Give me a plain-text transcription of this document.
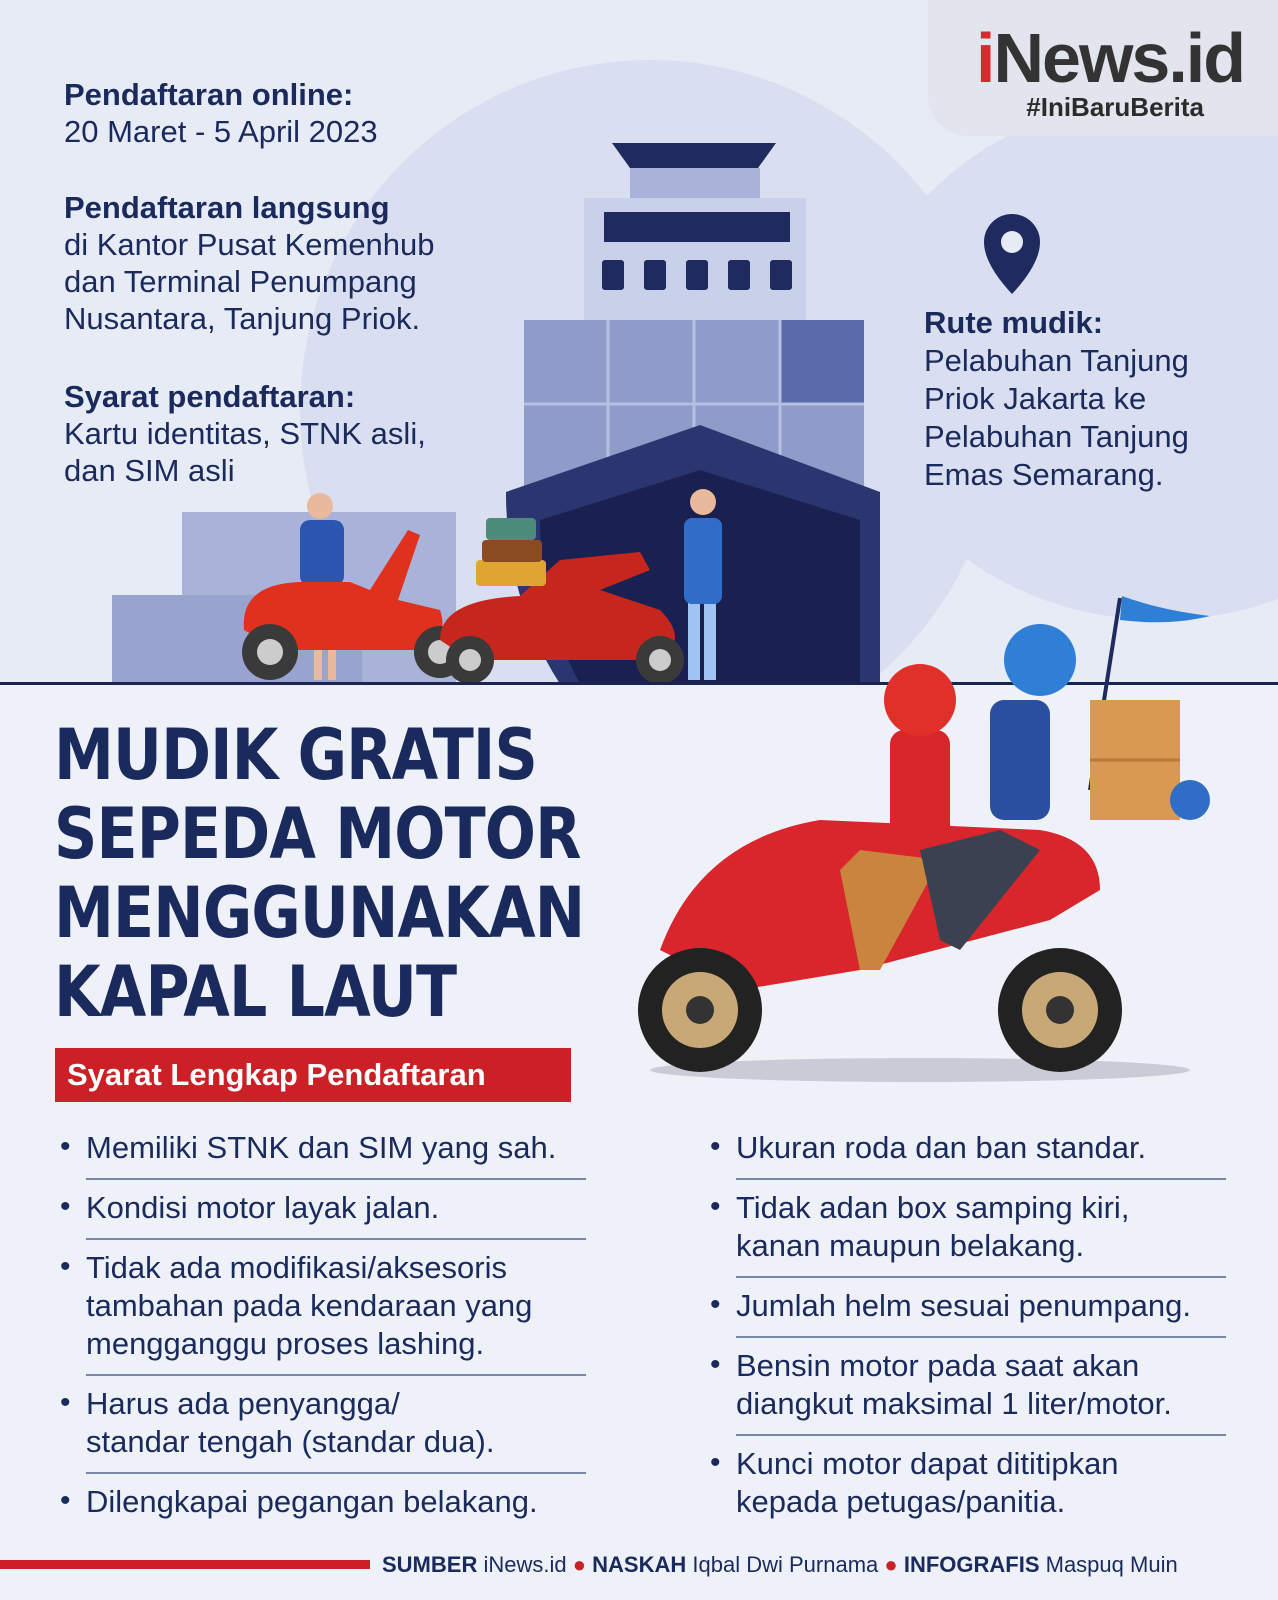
iNews.id
#IniBaruBerita
Pendaftaran online:
20 Maret - 5 April 2023
Pendaftaran langsung
di Kantor Pusat Kemenhub
dan Terminal Penumpang
Nusantara, Tanjung Priok.
Syarat pendaftaran:
Kartu identitas, STNK asli,
dan SIM asli
Rute mudik:
Pelabuhan Tanjung
Priok Jakarta ke
Pelabuhan Tanjung
Emas Semarang.
MUDIK GRATIS
SEPEDA MOTOR
MENGGUNAKAN
KAPAL LAUT
Syarat Lengkap Pendaftaran
• Memiliki STNK dan SIM yang sah.
• Kondisi motor layak jalan.
• Tidak ada modifikasi/aksesoris
tambahan pada kendaraan yang
mengganggu proses lashing.
• Harus ada penyangga/
standar tengah (standar dua).
• Dilengkapai pegangan belakang.
• Ukuran roda dan ban standar.
• Tidak adan box samping kiri,
kanan maupun belakang.
• Jumlah helm sesuai penumpang.
• Bensin motor pada saat akan
diangkut maksimal 1 liter/motor.
• Kunci motor dapat dititipkan
kepada petugas/panitia.
SUMBER iNews.id ● NASKAH Iqbal Dwi Purnama ● INFOGRAFIS Maspuq Muin
